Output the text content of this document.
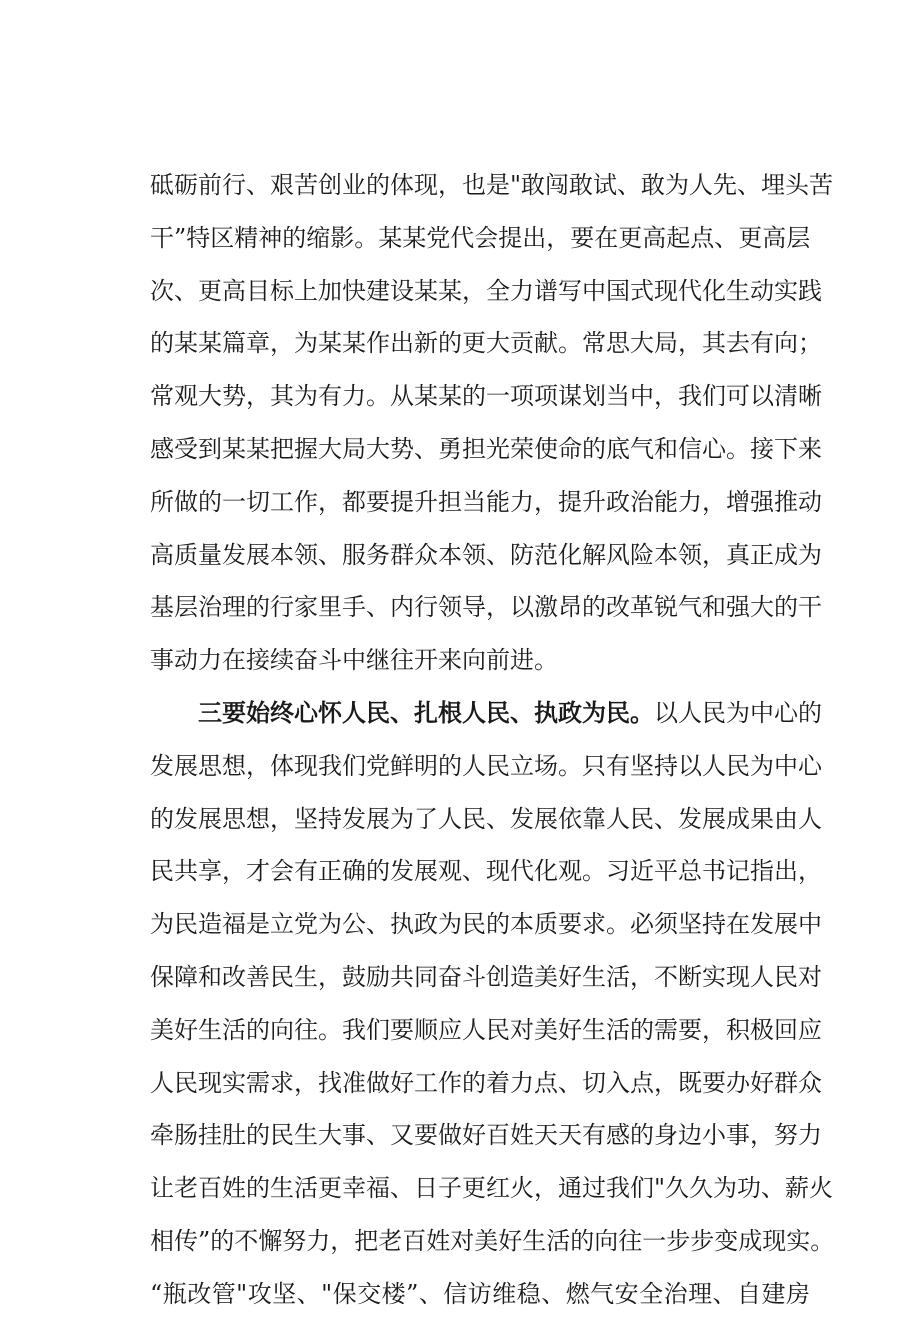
砥砺前行、艰苦创业的体现，也是"敢闯敢试、敢为人先、埋头苦
干”特区精神的缩影。某某党代会提出，要在更高起点、更高层
次、更高目标上加快建设某某，全力谱写中国式现代化生动实践
的某某篇章，为某某作出新的更大贡献。常思大局，其去有向；
常观大势，其为有力。从某某的一项项谋划当中，我们可以清晰
感受到某某把握大局大势、勇担光荣使命的底气和信心。接下来
所做的一切工作，都要提升担当能力，提升政治能力，增强推动
高质量发展本领、服务群众本领、防范化解风险本领，真正成为
基层治理的行家里手、内行领导，以激昂的改革锐气和强大的干
事动力在接续奋斗中继往开来向前进。
三要始终心怀人民、扎根人民、执政为民。以人民为中心的
发展思想，体现我们党鲜明的人民立场。只有坚持以人民为中心
的发展思想，坚持发展为了人民、发展依靠人民、发展成果由人
民共享，才会有正确的发展观、现代化观。习近平总书记指出，
为民造福是立党为公、执政为民的本质要求。必须坚持在发展中
保障和改善民生，鼓励共同奋斗创造美好生活，不断实现人民对
美好生活的向往。我们要顺应人民对美好生活的需要，积极回应
人民现实需求，找准做好工作的着力点、切入点，既要办好群众
牵肠挂肚的民生大事、又要做好百姓天天有感的身边小事，努力
让老百姓的生活更幸福、日子更红火，通过我们"久久为功、薪火
相传”的不懈努力，把老百姓对美好生活的向往一步步变成现实。
“瓶改管"攻坚、"保交楼”、信访维稳、燃气安全治理、自建房
